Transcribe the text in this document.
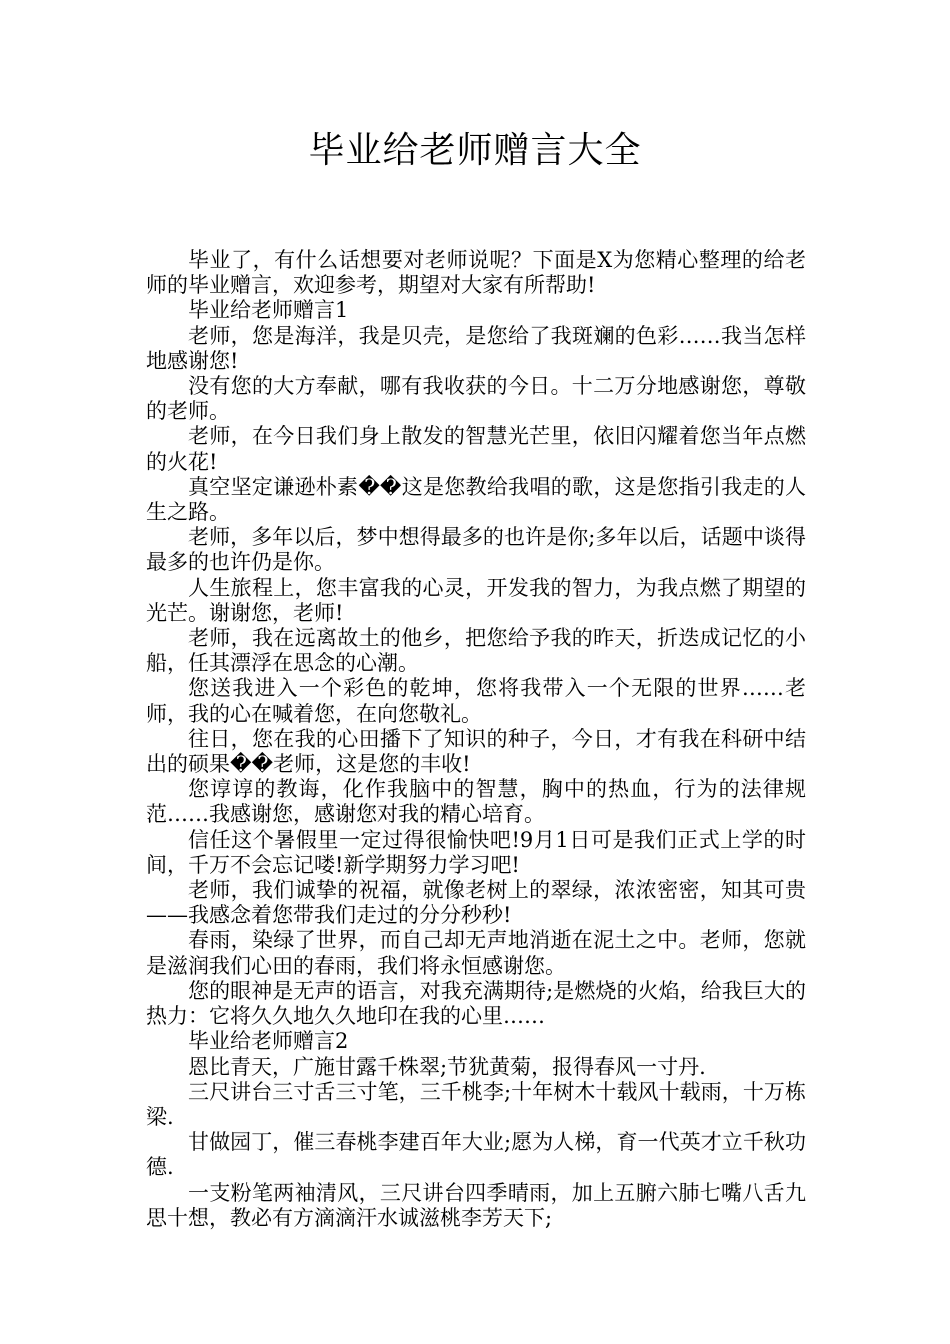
毕业给老师赠言大全

毕业了，有什么话想要对老师说呢？下面是X为您精心整理的给老师的毕业赠言，欢迎参考，期望对大家有所帮助!

毕业给老师赠言1

老师，您是海洋，我是贝壳，是您给了我斑斓的色彩……我当怎样地感谢您!

没有您的大方奉献，哪有我收获的今日。十二万分地感谢您，尊敬的老师。

老师，在今日我们身上散发的智慧光芒里，依旧闪耀着您当年点燃的火花!

真空坚定谦逊朴素��这是您教给我唱的歌，这是您指引我走的人生之路。

老师，多年以后，梦中想得最多的也许是你;多年以后，话题中谈得最多的也许仍是你。

人生旅程上，您丰富我的心灵，开发我的智力，为我点燃了期望的光芒。谢谢您，老师!

老师，我在远离故土的他乡，把您给予我的昨天，折迭成记忆的小船，任其漂浮在思念的心潮。

您送我进入一个彩色的乾坤，您将我带入一个无限的世界……老师，我的心在喊着您，在向您敬礼。

往日，您在我的心田播下了知识的种子，今日，才有我在科研中结出的硕果��老师，这是您的丰收!

您谆谆的教诲，化作我脑中的智慧，胸中的热血，行为的法律规范……我感谢您，感谢您对我的精心培育。

信任这个暑假里一定过得很愉快吧!9月1日可是我们正式上学的时间，千万不会忘记喽!新学期努力学习吧!

老师，我们诚挚的祝福，就像老树上的翠绿，浓浓密密，知其可贵——我感念着您带我们走过的分分秒秒!

春雨，染绿了世界，而自己却无声地消逝在泥土之中。老师，您就是滋润我们心田的春雨，我们将永恒感谢您。

您的眼神是无声的语言，对我充满期待;是燃烧的火焰，给我巨大的热力：它将久久地久久地印在我的心里……

毕业给老师赠言2

恩比青天，广施甘露千株翠;节犹黄菊，报得春风一寸丹.

三尺讲台三寸舌三寸笔，三千桃李;十年树木十载风十载雨，十万栋梁.

甘做园丁，催三春桃李建百年大业;愿为人梯，育一代英才立千秋功德.

一支粉笔两袖清风，三尺讲台四季晴雨，加上五腑六肺七嘴八舌九思十想，教必有方滴滴汗水诚滋桃李芳天下;
